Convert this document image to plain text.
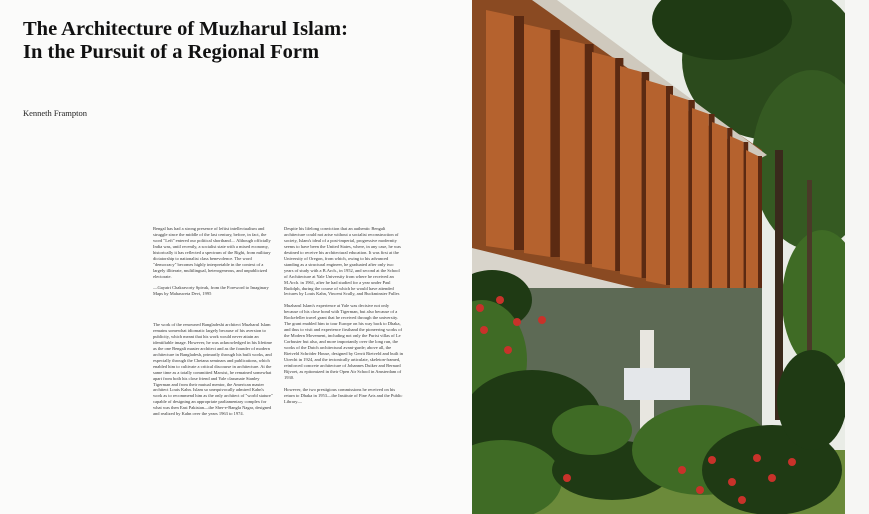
The Architecture of Muzharul Islam:
In the Pursuit of a Regional Form
Kenneth Frampton

Bengal has had a strong presence of leftist intellectualism and struggle since the middle of the last century, before, in fact, the word "Left" entered our political shorthand.... Although officially India was, until recently, a socialist state with a mixed economy, historically it has reflected a spectrum of the Right, from military dictatorship to nationalist class benevolence. The word "democracy" becomes highly interpretable in the context of a largely illiterate, multilingual, heterogeneous, and unpublicized electorate.

—Gayatri Chakravorty Spivak, from the Foreword to Imaginary Maps by Mahasweta Devi, 1995

The work of the renowned Bangladeshi architect Muzharul Islam remains somewhat idiomatic largely because of his aversion to publicity, which meant that his work would never attain an identifiable image. However, he was acknowledged in his lifetime as the one Bengali master architect and as the founder of modern architecture in Bangladesh, primarily through his built works, and especially through the Chetana seminars and publications, which enabled him to cultivate a critical discourse in architecture. At the same time as a totally committed Marxist, he remained somewhat apart from both his close friend and Yale classmate Stanley Tigerman and from their mutual mentor, the American master architect Louis Kahn. Islam so unequivocally admired Kahn's work as to recommend him as the only architect of "world stature" capable of designing an appropriate parliamentary complex for what was then East Pakistan—the Sher-e-Bangla Nagar, designed and realized by Kahn over the years 1963 to 1974.

Despite his lifelong conviction that an authentic Bengali architecture could not arise without a socialist reconstruction of society, Islam's ideal of a post-imperial, progressive modernity seems to have been the United States, where, in any case, he was destined to receive his architectural education. It was first at the University of Oregon, from which, owing to his advanced standing as a structural engineer, he graduated after only two years of study with a B.Arch., in 1952, and second at the School of Architecture at Yale University from where he received an M.Arch. in 1961, after he had studied for a year under Paul Rudolph, during the course of which he would have attended lectures by Louis Kahn, Vincent Scully, and Buckminster Fuller.

Muzharul Islam's experience at Yale was decisive not only because of his close bond with Tigerman, but also because of a Rockefeller travel grant that he received through the university. The grant enabled him to tour Europe on his way back to Dhaka, and thus to visit and experience firsthand the pioneering works of the Modern Movement, including not only the Purist villas of Le Corbusier but also, and more importantly over the long run, the works of the Dutch architectural avant-garde; above all, the Rietveld Schröder House, designed by Gerrit Rietveld and built in Utrecht in 1924, and the tectonically articulate, skeleton-framed, reinforced concrete architecture of Johannes Duiker and Bernard Bijvoet, as epitomized in their Open Air School in Amsterdam of 1930.

However, the two prestigious commissions he received on his return to Dhaka in 1953—the Institute of Fine Arts and the Public Library—
